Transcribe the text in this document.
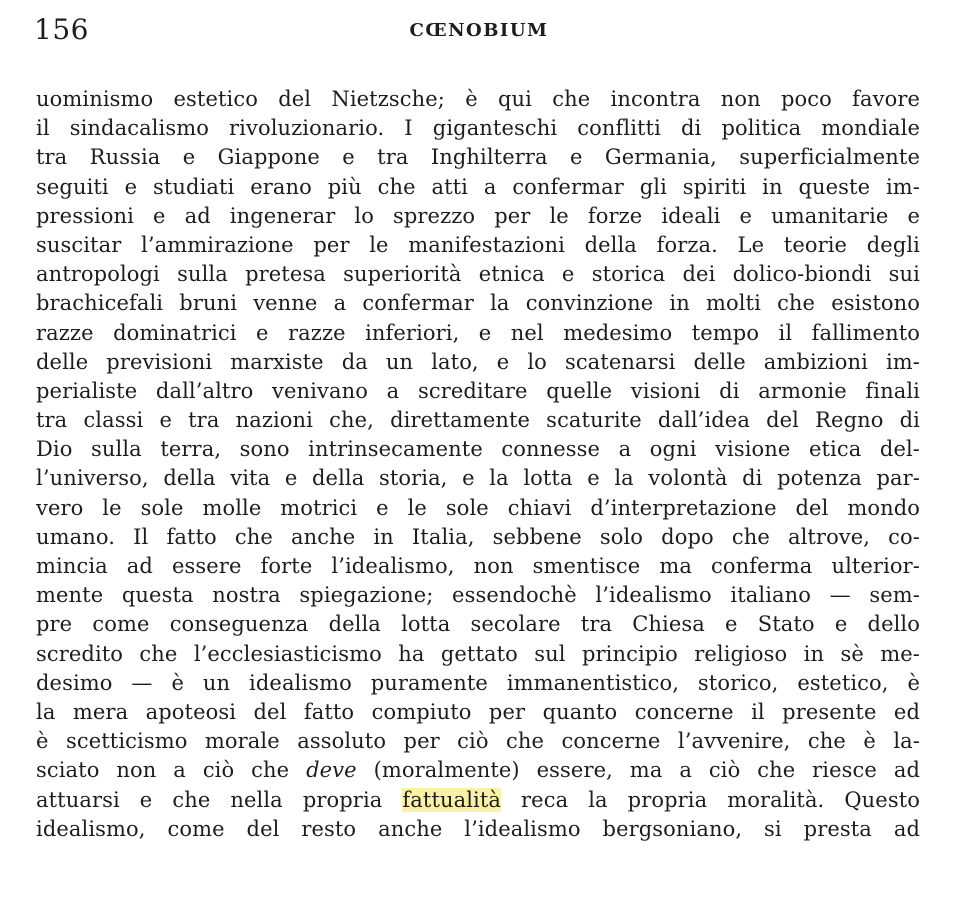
156	CŒNOBIUM
uominismo estetico del Nietzsche; è qui che incontra non poco favore
il sindacalismo rivoluzionario. I giganteschi conflitti di politica mondiale
tra Russia e Giappone e tra Inghilterra e Germania, superficialmente
seguiti e studiati erano più che atti a confermar gli spiriti in queste im-
pressioni e ad ingenerar lo sprezzo per le forze ideali e umanitarie e
suscitar l’ammirazione per le manifestazioni della forza. Le teorie degli
antropologi sulla pretesa superiorità etnica e storica dei dolico-biondi sui
brachicefali bruni venne a confermar la convinzione in molti che esistono
razze dominatrici e razze inferiori, e nel medesimo tempo il fallimento
delle previsioni marxiste da un lato, e lo scatenarsi delle ambizioni im-
perialiste dall’altro venivano a screditare quelle visioni di armonie finali
tra classi e tra nazioni che, direttamente scaturite dall’idea del Regno di
Dio sulla terra, sono intrinsecamente connesse a ogni visione etica del-
l’universo, della vita e della storia, e la lotta e la volontà di potenza par-
vero le sole molle motrici e le sole chiavi d’interpretazione del mondo
umano. Il fatto che anche in Italia, sebbene solo dopo che altrove, co-
mincia ad essere forte l’idealismo, non smentisce ma conferma ulterior-
mente questa nostra spiegazione; essendochè l’idealismo italiano — sem-
pre come conseguenza della lotta secolare tra Chiesa e Stato e dello
scredito che l’ecclesiasticismo ha gettato sul principio religioso in sè me-
desimo — è un idealismo puramente immanentistico, storico, estetico, è
la mera apoteosi del fatto compiuto per quanto concerne il presente ed
è scetticismo morale assoluto per ciò che concerne l’avvenire, che è la-
sciato non a ciò che deve (moralmente) essere, ma a ciò che riesce ad
attuarsi e che nella propria fattualità reca la propria moralità. Questo
idealismo, come del resto anche l’idealismo bergsoniano, si presta ad
